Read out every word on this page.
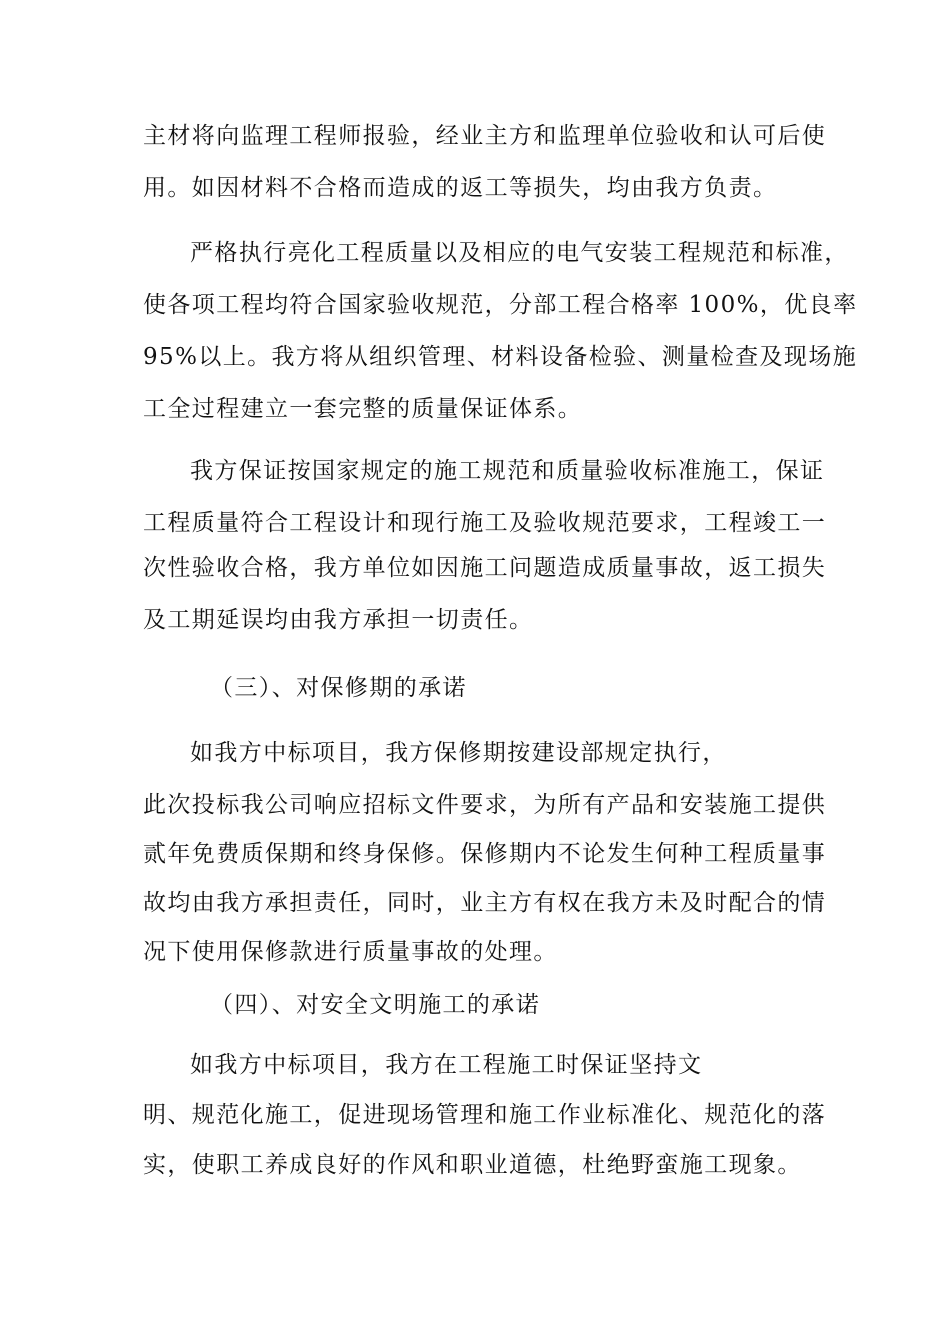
主材将向监理工程师报验，经业主方和监理单位验收和认可后使
用。如因材料不合格而造成的返工等损失，均由我方负责。
严格执行亮化工程质量以及相应的电气安装工程规范和标准，
使各项工程均符合国家验收规范，分部工程合格率 100%，优良率
95%以上。我方将从组织管理、材料设备检验、测量检查及现场施
工全过程建立一套完整的质量保证体系。
我方保证按国家规定的施工规范和质量验收标准施工，保证
工程质量符合工程设计和现行施工及验收规范要求，工程竣工一
次性验收合格，我方单位如因施工问题造成质量事故，返工损失
及工期延误均由我方承担一切责任。
（三）、对保修期的承诺
如我方中标项目，我方保修期按建设部规定执行，
此次投标我公司响应招标文件要求，为所有产品和安装施工提供
贰年免费质保期和终身保修。保修期内不论发生何种工程质量事
故均由我方承担责任，同时，业主方有权在我方未及时配合的情
况下使用保修款进行质量事故的处理。
（四）、对安全文明施工的承诺
如我方中标项目，我方在工程施工时保证坚持文
明、规范化施工，促进现场管理和施工作业标准化、规范化的落
实，使职工养成良好的作风和职业道德，杜绝野蛮施工现象。
